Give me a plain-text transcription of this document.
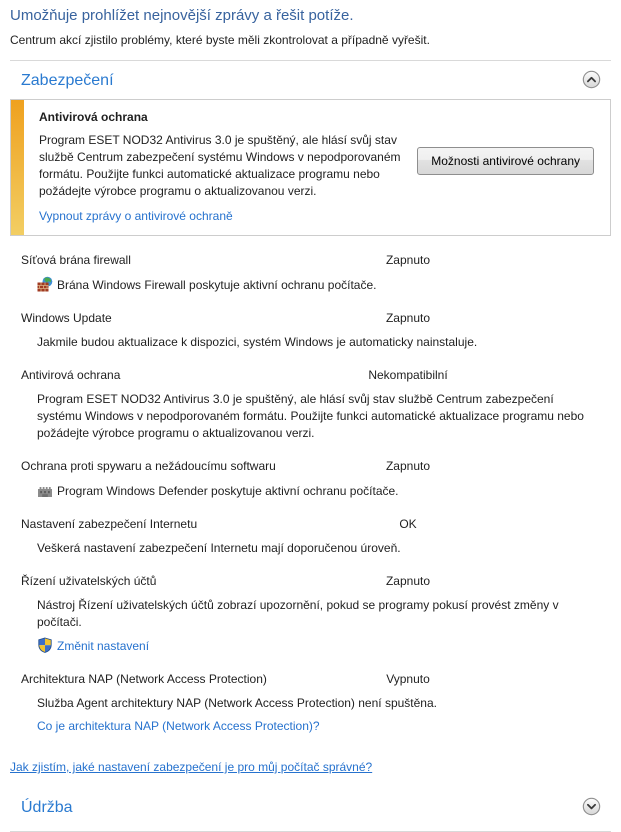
Umožňuje prohlížet nejnovější zprávy a řešit potíže.

Centrum akcí zjistilo problémy, které byste měli zkontrolovat a případně vyřešit.

Zabezpečení
Antivirová ochrana
Program ESET NOD32 Antivirus 3.0 je spuštěný, ale hlásí svůj stav službě Centrum zabezpečení systému Windows v nepodporovaném formátu. Použijte funkci automatické aktualizace programu nebo požádejte výrobce programu o aktualizovanou verzi.
Vypnout zprávy o antivirové ochraně
Možnosti antivirové ochrany
Síťová brána firewall	Zapnuto
Brána Windows Firewall poskytuje aktivní ochranu počítače.
Windows Update	Zapnuto
Jakmile budou aktualizace k dispozici, systém Windows je automaticky nainstaluje.
Antivirová ochrana	Nekompatibilní
Program ESET NOD32 Antivirus 3.0 je spuštěný, ale hlásí svůj stav službě Centrum zabezpečení systému Windows v nepodporovaném formátu. Použijte funkci automatické aktualizace programu nebo požádejte výrobce programu o aktualizovanou verzi.
Ochrana proti spywaru a nežádoucímu softwaru	Zapnuto
Program Windows Defender poskytuje aktivní ochranu počítače.
Nastavení zabezpečení Internetu	OK
Veškerá nastavení zabezpečení Internetu mají doporučenou úroveň.
Řízení uživatelských účtů	Zapnuto
Nástroj Řízení uživatelských účtů zobrazí upozornění, pokud se programy pokusí provést změny v počítači.
Změnit nastavení
Architektura NAP (Network Access Protection)	Vypnuto
Služba Agent architektury NAP (Network Access Protection) není spuštěna.
Co je architektura NAP (Network Access Protection)?
Jak zjistím, jaké nastavení zabezpečení je pro můj počítač správné?
Údržba
